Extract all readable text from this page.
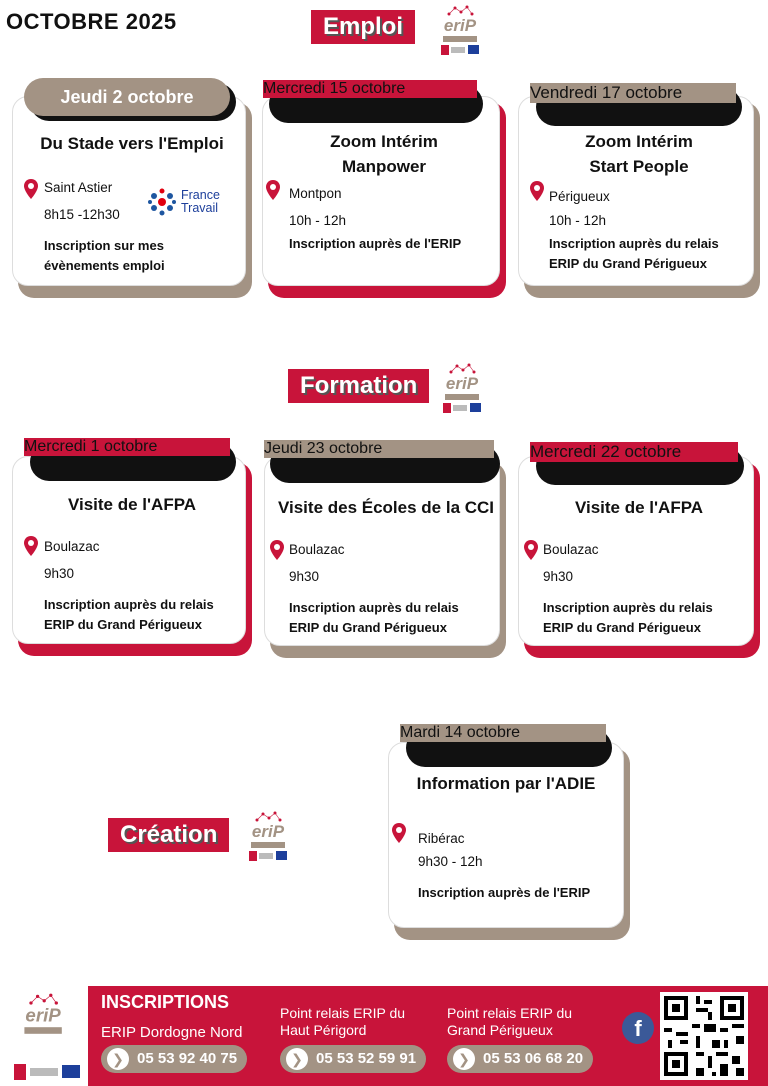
OCTOBRE 2025	Emploi
Formation
Création
eriP
eriP
eriP
Jeudi 2 octobre
Du Stade vers l'Emploi
Saint Astier
8h15 -12h30
France Travail
Inscription sur mes
évènements emploi
Mercredi 15 octobre
Zoom Intérim
Manpower
Montpon
10h - 12h
Inscription auprès de l'ERIP
Vendredi 17 octobre
Zoom Intérim
Start People
Périgueux
10h - 12h
Inscription auprès du relais
ERIP du Grand Périgueux
Mercredi 1 octobre
Visite de l'AFPA
Boulazac
9h30
Inscription auprès du relais
ERIP du Grand Périgueux
Jeudi 23 octobre
Visite des Écoles de la CCI
Boulazac
9h30
Inscription auprès du relais
ERIP du Grand Périgueux
Mercredi 22 octobre
Visite de l'AFPA
Boulazac
9h30
Inscription auprès du relais
ERIP du Grand Périgueux
Mardi 14 octobre
Information par l'ADIE
Ribérac
9h30 - 12h
Inscription auprès de l'ERIP
eriP
INSCRIPTIONS
ERIP Dordogne Nord
❯ 05 53 92 40 75
Point relais ERIP du
Haut Périgord
❯ 05 53 52 59 91
Point relais ERIP du
Grand Périgueux
❯ 05 53 06 68 20
f
